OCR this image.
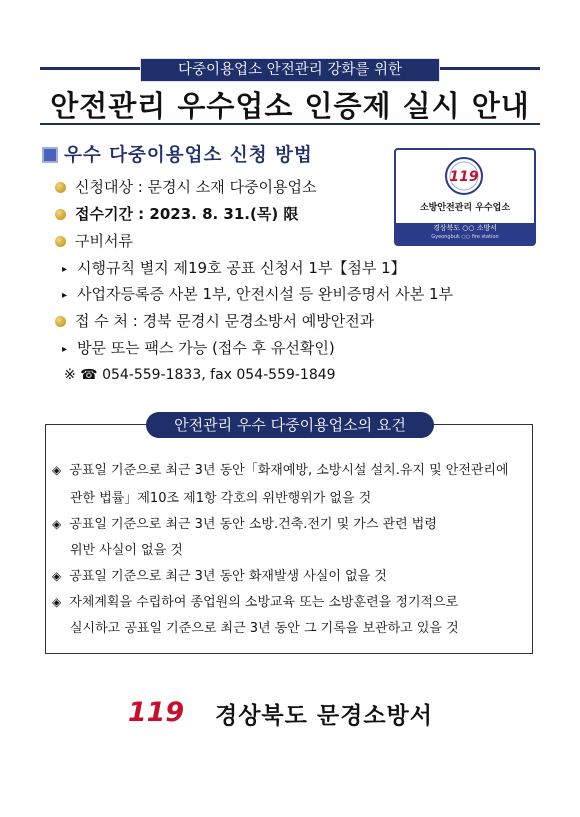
다중이용업소 안전관리 강화를 위한
안전관리 우수업소 인증제 실시 안내
우수 다중이용업소 신청 방법
신청대상 : 문경시 소재 다중이용업소
접수기간 : 2023. 8. 31.(목) 限
구비서류
▸ 시행규칙 별지 제19호 공표 신청서 1부【첨부 1】
▸ 사업자등록증 사본 1부, 안전시설 등 완비증명서 사본 1부
접 수 처 : 경북 문경시 문경소방서 예방안전과
▸ 방문 또는 팩스 가능 (접수 후 유선확인)
※ ☎ 054-559-1833, fax 054-559-1849
119
소방안전관리 우수업소
경상북도 ○○ 소방서
Gyeongbuk ○○ fire station
안전관리 우수 다중이용업소의 요건
◈ 공표일 기준으로 최근 3년 동안「화재예방, 소방시설 설치.유지 및 안전관리에
관한 법률」제10조 제1항 각호의 위반행위가 없을 것
◈ 공표일 기준으로 최근 3년 동안 소방.건축.전기 및 가스 관련 법령
위반 사실이 없을 것
◈ 공표일 기준으로 최근 3년 동안 화재발생 사실이 없을 것
◈ 자체계획을 수립하여 종업원의 소방교육 또는 소방훈련을 정기적으로
실시하고 공표일 기준으로 최근 3년 동안 그 기록을 보관하고 있을 것
119 경상북도 문경소방서
